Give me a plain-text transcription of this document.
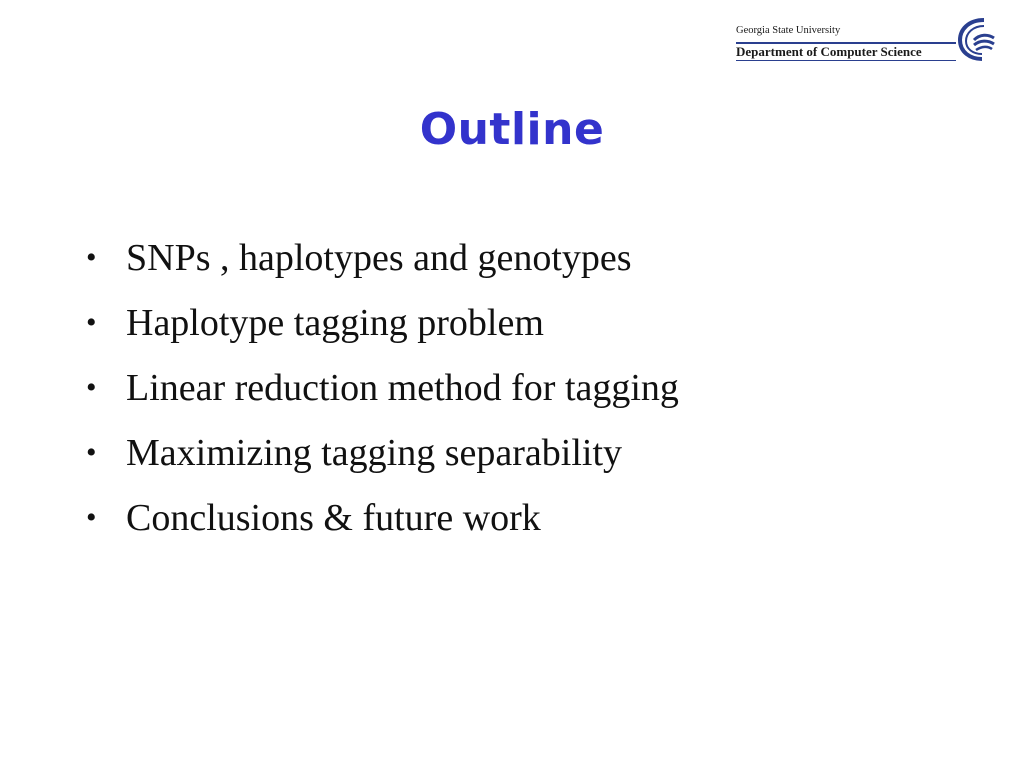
Georgia State University
Department of Computer Science
Outline
• SNPs , haplotypes and genotypes
• Haplotype tagging problem
• Linear reduction method for tagging
• Maximizing tagging separability
• Conclusions & future work
